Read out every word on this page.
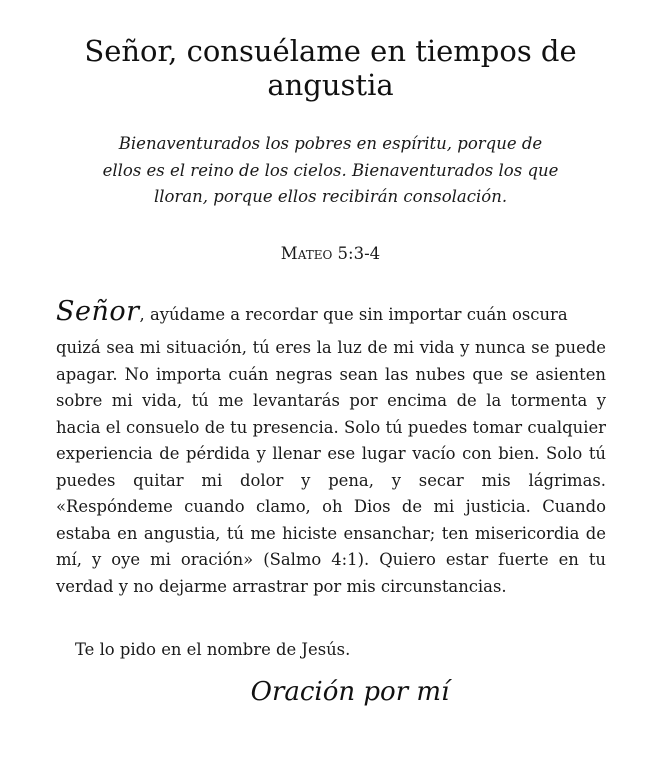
Señor, consuélame en tiempos de angustia

Bienaventurados los pobres en espíritu, porque de ellos es el reino de los cielos. Bienaventurados los que lloran, porque ellos recibirán consolación.

Mateo 5:3-4

Señor, ayúdame a recordar que sin importar cuán oscura
quizá sea mi situación, tú eres la luz de mi vida y nunca se puede apagar. No importa cuán negras sean las nubes que se asienten sobre mi vida, tú me levantarás por encima de la tormenta y hacia el consuelo de tu presencia. Solo tú puedes tomar cualquier experiencia de pérdida y llenar ese lugar vacío con bien. Solo tú puedes quitar mi dolor y pena, y secar mis lágrimas. «Respóndeme cuando clamo, oh Dios de mi justicia. Cuando estaba en angustia, tú me hiciste ensanchar; ten misericordia de mí, y oye mi oración» (Salmo 4:1). Quiero estar fuerte en tu verdad y no dejarme arrastrar por mis circunstancias.

Te lo pido en el nombre de Jesús.

Oración por mí
